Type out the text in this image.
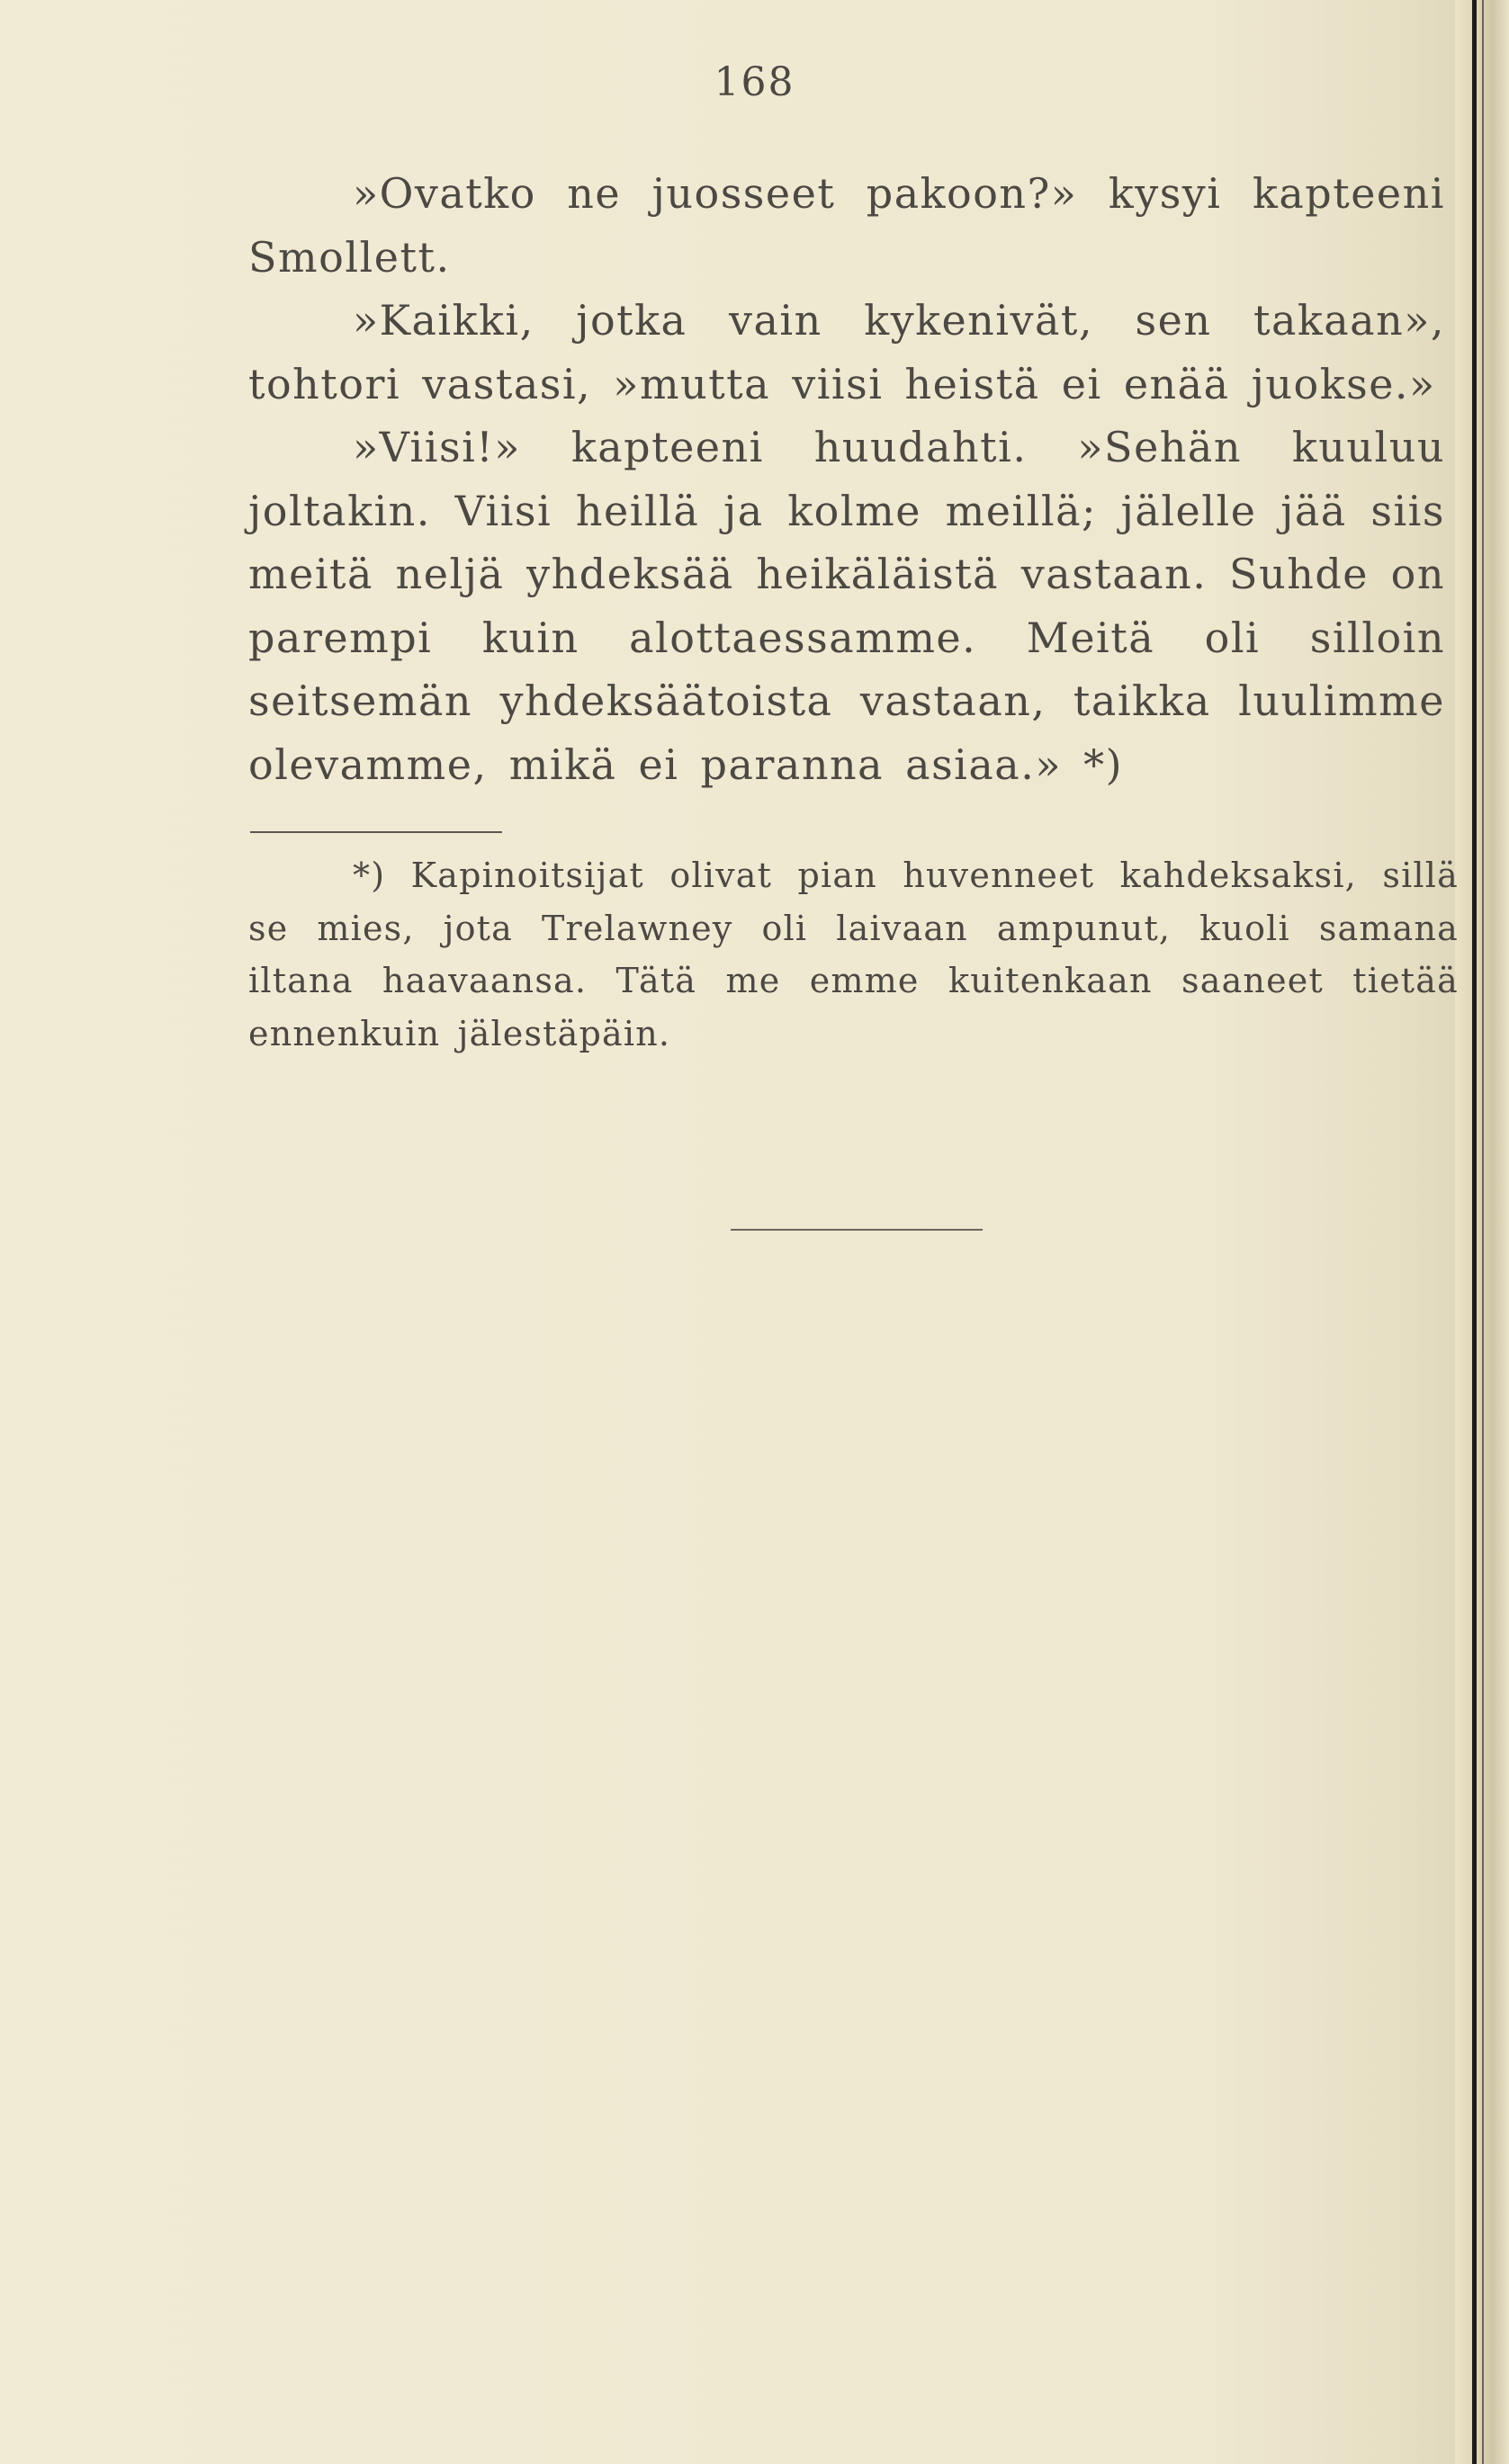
168

»Ovatko ne juosseet pakoon?» kysyi kapteeni Smollett.

»Kaikki, jotka vain kykenivät, sen takaan», tohtori vastasi, »mutta viisi heistä ei enää juokse.»

»Viisi!» kapteeni huudahti. »Sehän kuuluu joltakin. Viisi heillä ja kolme meillä; jälelle jää siis meitä neljä yhdeksää heikäläistä vastaan. Suhde on parempi kuin alottaessamme. Meitä oli silloin seitsemän yhdeksäätoista vastaan, taikka luulimme olevamme, mikä ei paranna asiaa.» *)

*) Kapinoitsijat olivat pian huvenneet kahdeksaksi, sillä se mies, jota Trelawney oli laivaan ampunut, kuoli samana iltana haavaansa. Tätä me emme kuitenkaan saaneet tietää ennenkuin jälestäpäin.
